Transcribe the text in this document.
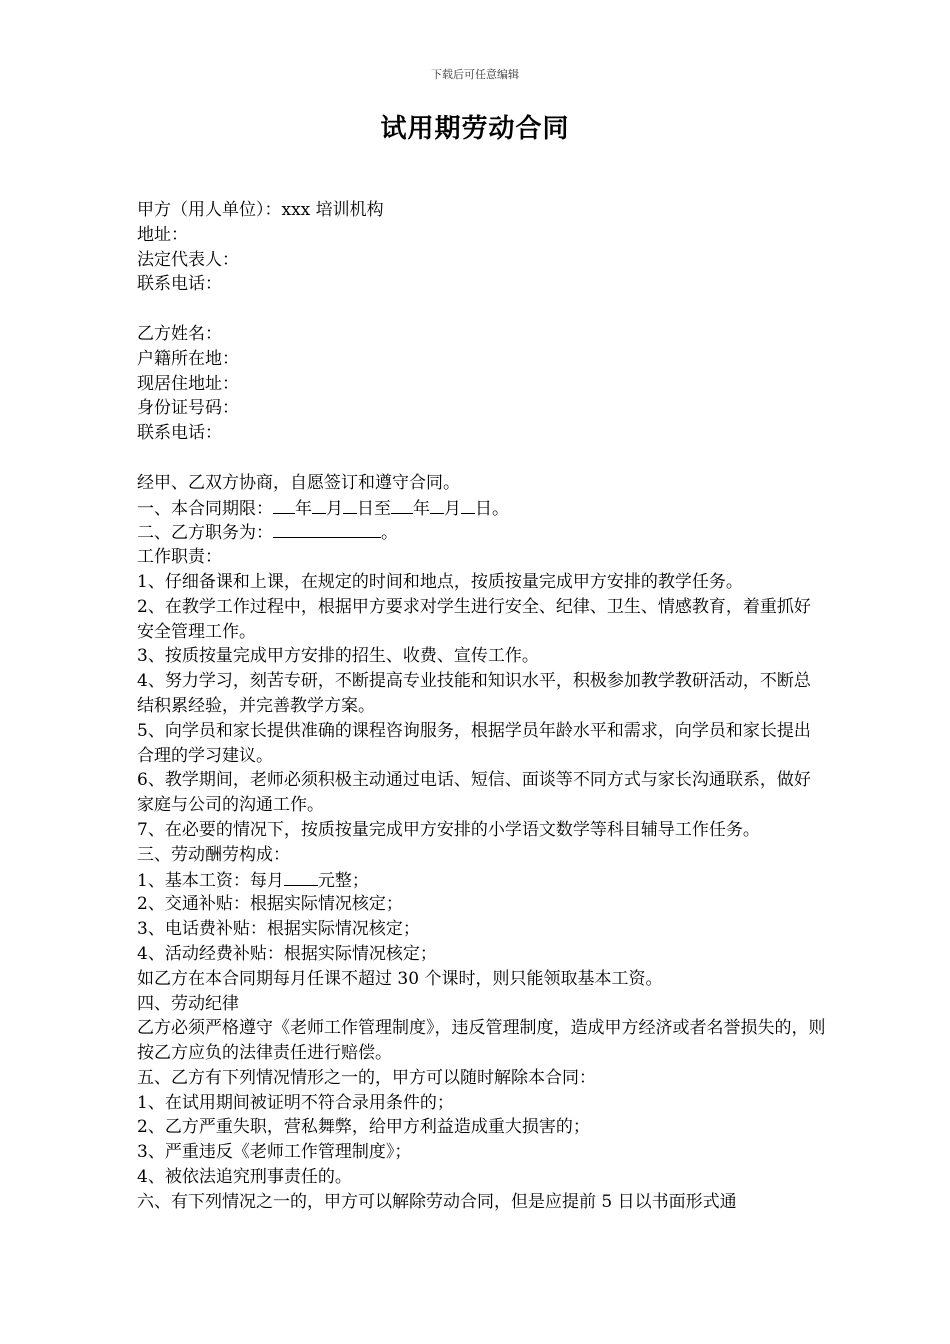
下载后可任意编辑
试用期劳动合同
甲方（用人单位）：xxx 培训机构
地址：
法定代表人：
联系电话：
乙方姓名：
户籍所在地：
现居住地址：
身份证号码：
联系电话：
经甲、乙双方协商，自愿签订和遵守合同。
一、本合同期限： 年 月 日至 年 月 日。
二、乙方职务为：	。
工作职责：
1、仔细备课和上课，在规定的时间和地点，按质按量完成甲方安排的教学任务。
2、在教学工作过程中，根据甲方要求对学生进行安全、纪律、卫生、情感教育，着重抓好安全管理工作。
3、按质按量完成甲方安排的招生、收费、宣传工作。
4、努力学习，刻苦专研，不断提高专业技能和知识水平，积极参加教学教研活动，不断总结积累经验，并完善教学方案。
5、向学员和家长提供准确的课程咨询服务，根据学员年龄水平和需求，向学员和家长提出合理的学习建议。
6、教学期间，老师必须积极主动通过电话、短信、面谈等不同方式与家长沟通联系，做好家庭与公司的沟通工作。
7、在必要的情况下，按质按量完成甲方安排的小学语文数学等科目辅导工作任务。
三、劳动酬劳构成：
1、基本工资：每月 元整；
2、交通补贴：根据实际情况核定；
3、电话费补贴：根据实际情况核定；
4、活动经费补贴：根据实际情况核定；
如乙方在本合同期每月任课不超过 30 个课时，则只能领取基本工资。
四、劳动纪律
乙方必须严格遵守《老师工作管理制度》，违反管理制度，造成甲方经济或者名誉损失的，则按乙方应负的法律责任进行赔偿。
五、乙方有下列情况情形之一的，甲方可以随时解除本合同：
1、在试用期间被证明不符合录用条件的；
2、乙方严重失职，营私舞弊，给甲方利益造成重大损害的；
3、严重违反《老师工作管理制度》；
4、被依法追究刑事责任的。
六、有下列情况之一的，甲方可以解除劳动合同，但是应提前 5 日以书面形式通
